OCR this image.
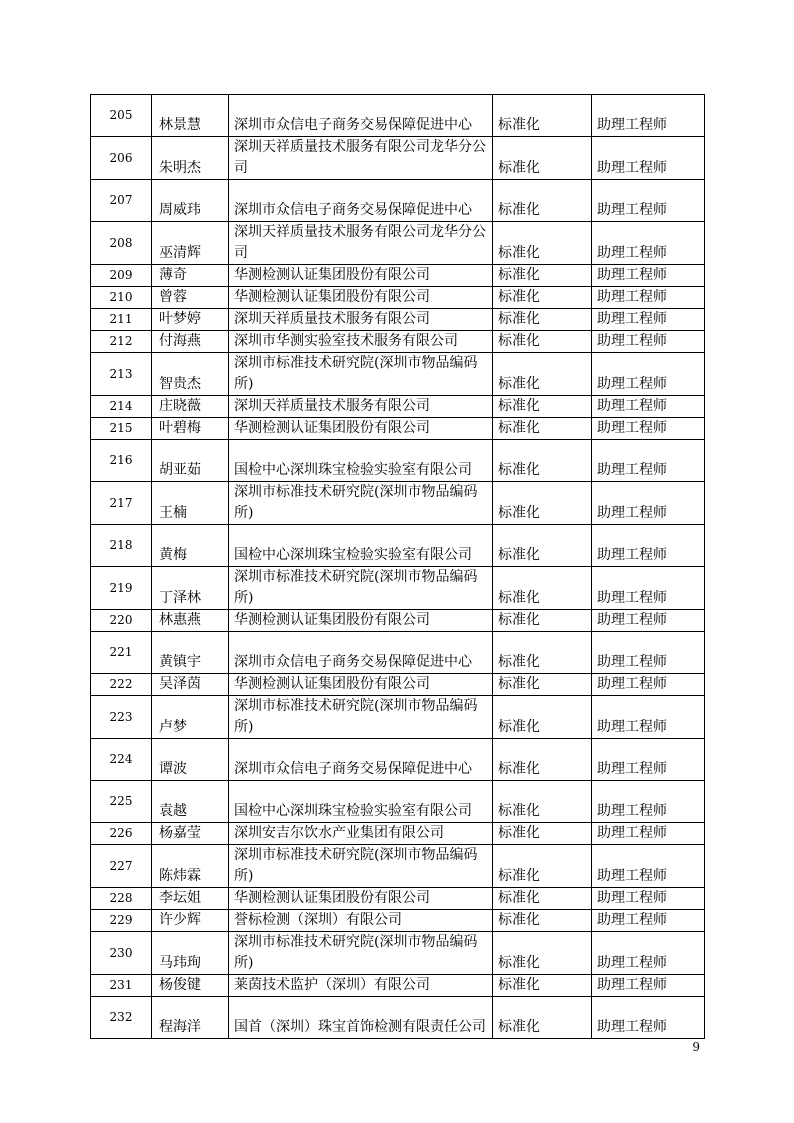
205	林景慧	深圳市众信电子商务交易保障促进中心	标准化	助理工程师
206	朱明杰	深圳天祥质量技术服务有限公司龙华分公司	标准化	助理工程师
207	周威玮	深圳市众信电子商务交易保障促进中心	标准化	助理工程师
208	巫清辉	深圳天祥质量技术服务有限公司龙华分公司	标准化	助理工程师
209	薄奇	华测检测认证集团股份有限公司	标准化	助理工程师
210	曾蓉	华测检测认证集团股份有限公司	标准化	助理工程师
211	叶梦婷	深圳天祥质量技术服务有限公司	标准化	助理工程师
212	付海燕	深圳市华测实验室技术服务有限公司	标准化	助理工程师
213	智贵杰	深圳市标准技术研究院(深圳市物品编码所)	标准化	助理工程师
214	庄晓薇	深圳天祥质量技术服务有限公司	标准化	助理工程师
215	叶碧梅	华测检测认证集团股份有限公司	标准化	助理工程师
216	胡亚茹	国检中心深圳珠宝检验实验室有限公司	标准化	助理工程师
217	王楠	深圳市标准技术研究院(深圳市物品编码所)	标准化	助理工程师
218	黄梅	国检中心深圳珠宝检验实验室有限公司	标准化	助理工程师
219	丁泽林	深圳市标准技术研究院(深圳市物品编码所)	标准化	助理工程师
220	林惠燕	华测检测认证集团股份有限公司	标准化	助理工程师
221	黄镇宇	深圳市众信电子商务交易保障促进中心	标准化	助理工程师
222	吴泽茵	华测检测认证集团股份有限公司	标准化	助理工程师
223	卢梦	深圳市标准技术研究院(深圳市物品编码所)	标准化	助理工程师
224	谭波	深圳市众信电子商务交易保障促进中心	标准化	助理工程师
225	袁越	国检中心深圳珠宝检验实验室有限公司	标准化	助理工程师
226	杨嘉莹	深圳安吉尔饮水产业集团有限公司	标准化	助理工程师
227	陈炜霖	深圳市标准技术研究院(深圳市物品编码所)	标准化	助理工程师
228	李坛姐	华测检测认证集团股份有限公司	标准化	助理工程师
229	许少辉	誉标检测（深圳）有限公司	标准化	助理工程师
230	马玮珣	深圳市标准技术研究院(深圳市物品编码所)	标准化	助理工程师
231	杨俊键	莱茵技术监护（深圳）有限公司	标准化	助理工程师
232	程海洋	国首（深圳）珠宝首饰检测有限责任公司	标准化	助理工程师
9
